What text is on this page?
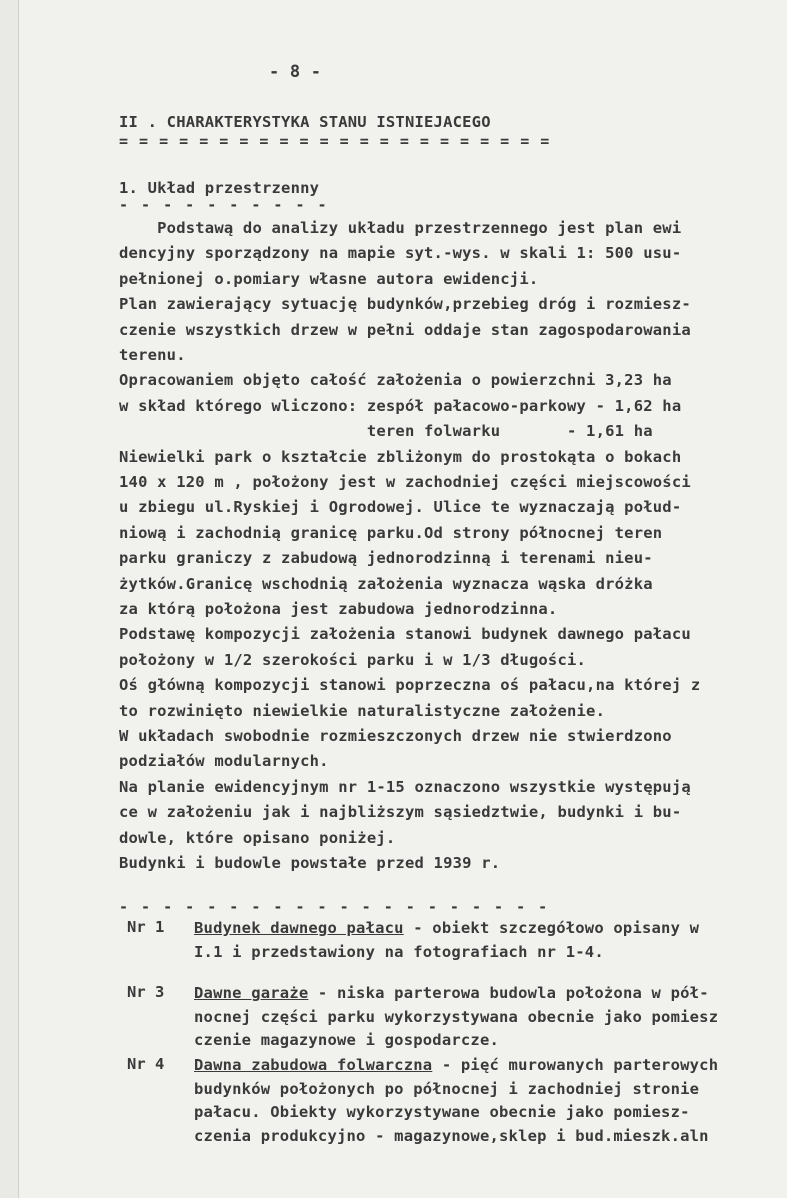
- 8 -
II . CHARAKTERYSTYKA STANU ISTNIEJACEGO
= = = = = = = = = = = = = = = = = = = = = =
1. Układ przestrzenny
- - - - - - - - - -
Podstawą do analizy układu przestrzennego jest plan ewi
dencyjny sporządzony na mapie syt.-wys. w skali 1: 500 usu-
pełnionej o.pomiary własne autora ewidencji.
Plan zawierający sytuację budynków,przebieg dróg i rozmiesz-
czenie wszystkich drzew w pełni oddaje stan zagospodarowania
terenu.
Opracowaniem objęto całość założenia o powierzchni 3,23 ha
w skład którego wliczono: zespół pałacowo-parkowy - 1,62 ha
teren folwarku       - 1,61 ha
Niewielki park o kształcie zbliżonym do prostokąta o bokach
140 x 120 m , położony jest w zachodniej części miejscowości
u zbiegu ul.Ryskiej i Ogrodowej. Ulice te wyznaczają połud-
niową i zachodnią granicę parku.Od strony północnej teren
parku graniczy z zabudową jednorodzinną i terenami nieu-
żytków.Granicę wschodnią założenia wyznacza wąska dróżka
za którą położona jest zabudowa jednorodzinna.
Podstawę kompozycji założenia stanowi budynek dawnego pałacu
położony w 1/2 szerokości parku i w 1/3 długości.
Oś główną kompozycji stanowi poprzeczna oś pałacu,na której z
to rozwinięto niewielkie naturalistyczne założenie.
W układach swobodnie rozmieszczonych drzew nie stwierdzono
podziałów modularnych.
Na planie ewidencyjnym nr 1-15 oznaczono wszystkie występują
ce w założeniu jak i najbliższym sąsiedztwie, budynki i bu-
dowle, które opisano poniżej.
Budynki i budowle powstałe przed 1939 r.
- - - - - - - - - - - - - - - - - - - -
Nr 1 Budynek dawnego pałacu - obiekt szczegółowo opisany w
I.1 i przedstawiony na fotografiach nr 1-4.
Nr 3 Dawne garaże - niska parterowa budowla położona w pół-
nocnej części parku wykorzystywana obecnie jako pomiesz
czenie magazynowe i gospodarcze.
Nr 4 Dawna zabudowa folwarczna - pięć murowanych parterowych
budynków położonych po północnej i zachodniej stronie
pałacu. Obiekty wykorzystywane obecnie jako pomiesz-
czenia produkcyjno - magazynowe,sklep i bud.mieszk.aln
